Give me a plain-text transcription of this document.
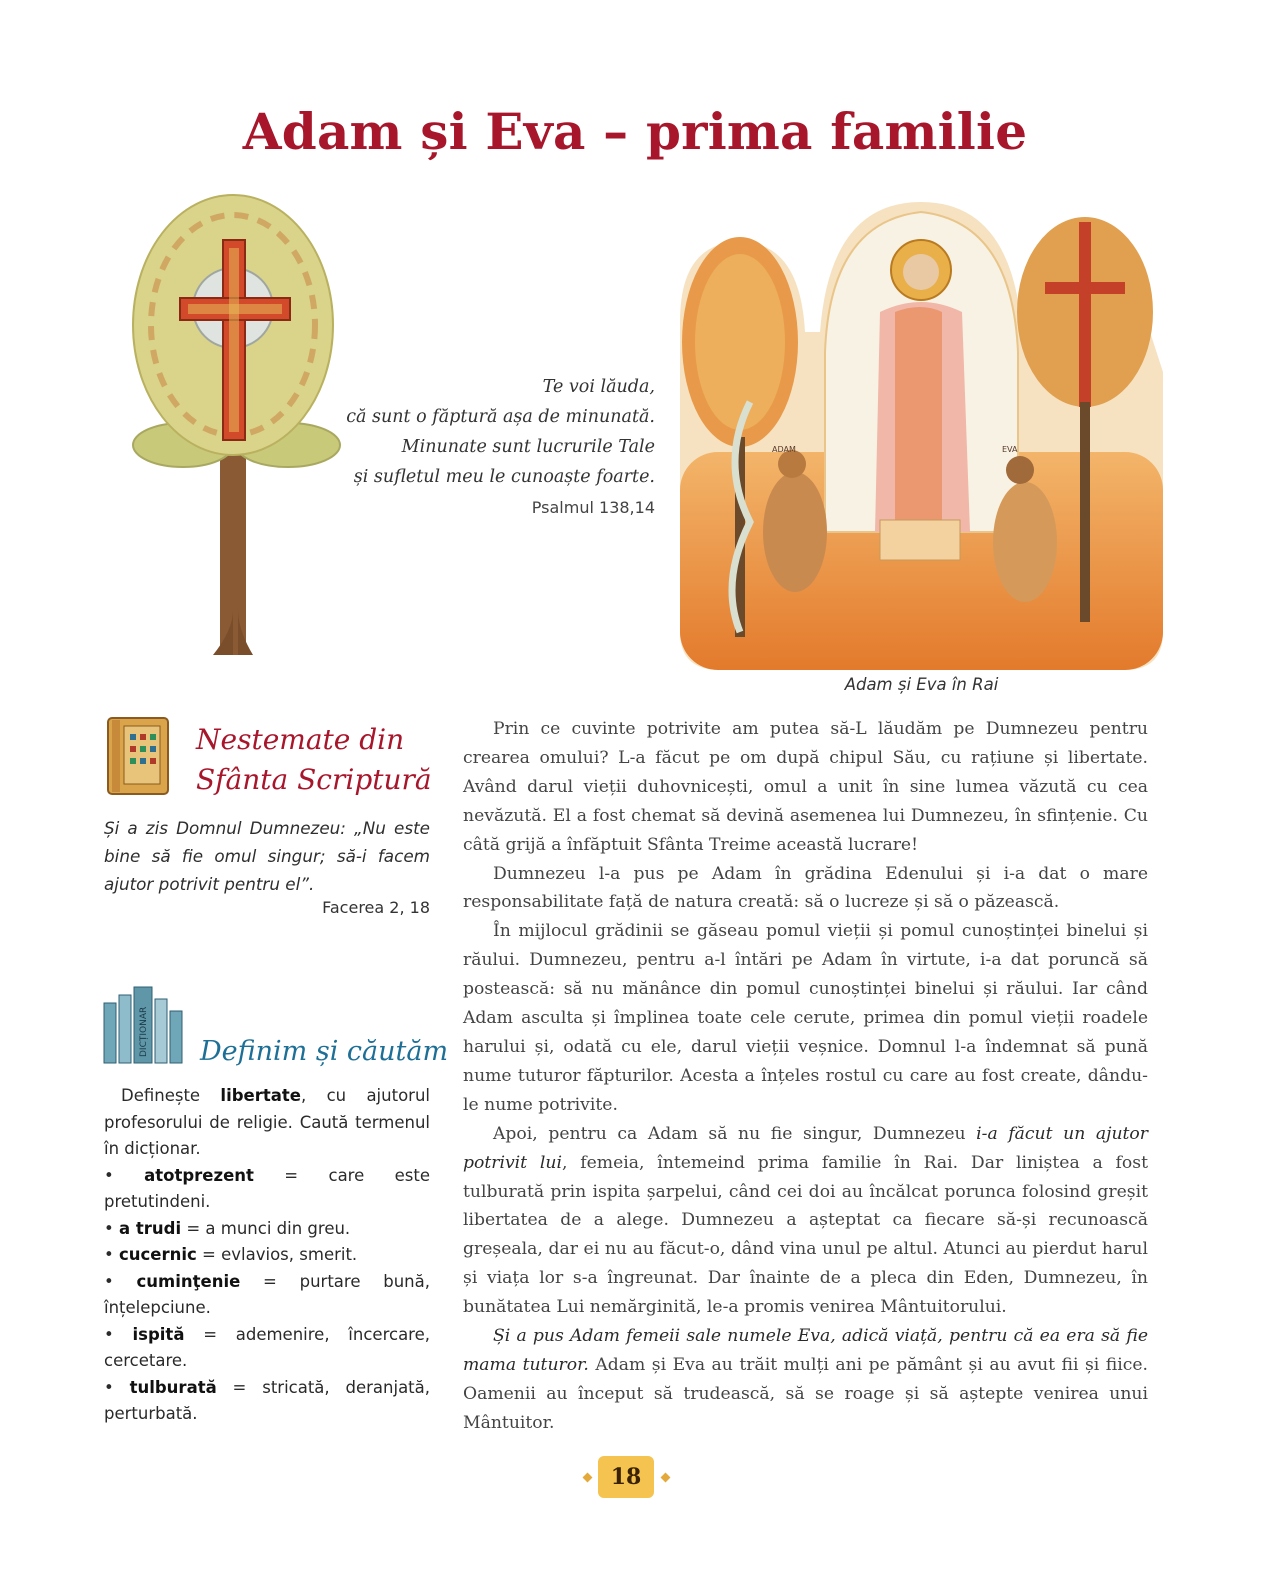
Adam și Eva – prima familie
Te voi lăuda,
că sunt o făptură așa de minunată.
Minunate sunt lucrurile Tale
și sufletul meu le cunoaște foarte.
Psalmul 138,14
ADAM	EVA
Adam și Eva în Rai
Nestemate din
Sfânta Scriptură
Și a zis Domnul Dumnezeu: „Nu este bine să fie omul singur; să-i facem ajutor potrivit pentru el”.
Facerea 2, 18
DICȚIONAR Definim și căutăm

Definește libertate, cu ajutorul profesorului de religie. Caută termenul în dicționar.

• atotprezent = care este pretutindeni.

• a trudi = a munci din greu.

• cucernic = evlavios, smerit.

• cuminţenie = purtare bună, înțelepciune.

• ispită = ademenire, încercare, cercetare.

• tulburată = stricată, deranjată, perturbată.

Prin ce cuvinte potrivite am putea să-L lăudăm pe Dumnezeu pentru crearea omului? L-a făcut pe om după chipul Său, cu rațiune și libertate. Având darul vieții duhovnicești, omul a unit în sine lumea văzută cu cea nevăzută. El a fost chemat să devină asemenea lui Dumnezeu, în sfințenie. Cu câtă grijă a înfăptuit Sfânta Treime această lucrare!

Dumnezeu l-a pus pe Adam în grădina Edenului și i-a dat o mare responsabilitate față de natura creată: să o lucreze și să o păzească.

În mijlocul grădinii se găseau pomul vieții și pomul cunoștinței binelui și răului. Dumnezeu, pentru a-l întări pe Adam în virtute, i-a dat poruncă să postească: să nu mănânce din pomul cunoștinței binelui și răului. Iar când Adam asculta și împlinea toate cele cerute, primea din pomul vieții roadele harului și, odată cu ele, darul vieții veșnice. Domnul l-a îndemnat să pună nume tuturor făpturilor. Acesta a înțeles rostul cu care au fost create, dându-le nume potrivite.

Apoi, pentru ca Adam să nu fie singur, Dumnezeu i-a făcut un ajutor potrivit lui, femeia, întemeind prima familie în Rai. Dar liniștea a fost tulburată prin ispita șarpelui, când cei doi au încălcat porunca folosind greșit libertatea de a alege. Dumnezeu a așteptat ca fiecare să-și recunoască greșeala, dar ei nu au făcut-o, dând vina unul pe altul. Atunci au pierdut harul și viața lor s-a îngreunat. Dar înainte de a pleca din Eden, Dumnezeu, în bunătatea Lui nemărginită, le-a promis venirea Mântuitorului.

Și a pus Adam femeii sale numele Eva, adică viață, pentru că ea era să fie mama tuturor. Adam și Eva au trăit mulți ani pe pământ și au avut fii și fiice. Oamenii au început să trudească, să se roage și să aștepte venirea unui Mântuitor.

18
